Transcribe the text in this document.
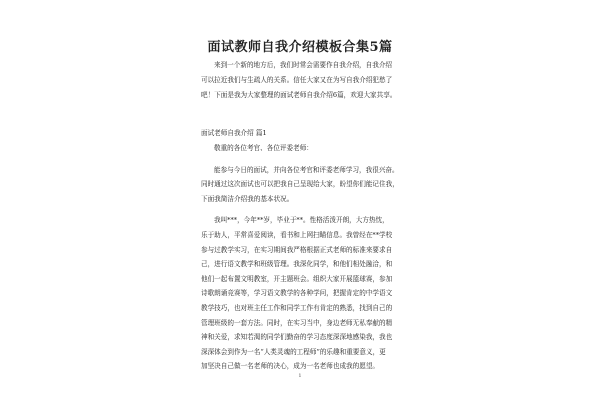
面试教师自我介绍模板合集5篇

来到一个新的地方后，我们时常会需要作自我介绍，自我介绍

可以拉近我们与生疏人的关系。信任大家又在为写自我介绍犯愁了

吧！下面是我为大家整理的面试老师自我介绍6篇，欢迎大家共享。

面试老师自我介绍 篇1

敬重的各位考官、各位评委老师：

能参与今日的面试，并向各位考官和评委老师学习，我很兴奋。

同时通过这次面试也可以把我自己呈现给大家，盼望你们能记住我，

下面我简洁介绍我的基本状况。

我叫***，今年**岁，毕业于**。性格活泼开朗，大方热忱，

乐于助人，平常喜爱阅读，看书和上网扫瞄信息。我曾经在**学校

参与过教学实习，在实习期间我严格根据正式老师的标准来要求自

己，进行语文教学和班级管理。我深化同学，和他们相处融洽，和

他们一起布置文明教室，开主题班会。组织大家开展篮球赛，参加

诗歌朗诵竞赛等，学习语文教学的各种学问，把握肯定的中学语文

教学技巧，也对班主任工作和同学工作有肯定的熟悉，找到自己的

管理班级的一套方法。同时，在实习当中，身边老师无私奉献的精

神和关爱，求知若渴的同学们勤奋的学习态度深深地感染我，我也

深深体会到作为一名“人类灵魂的工程师”的乐趣和重要意义，更

加坚决自己做一名老师的决心，成为一名老师也成我的愿望。

1
